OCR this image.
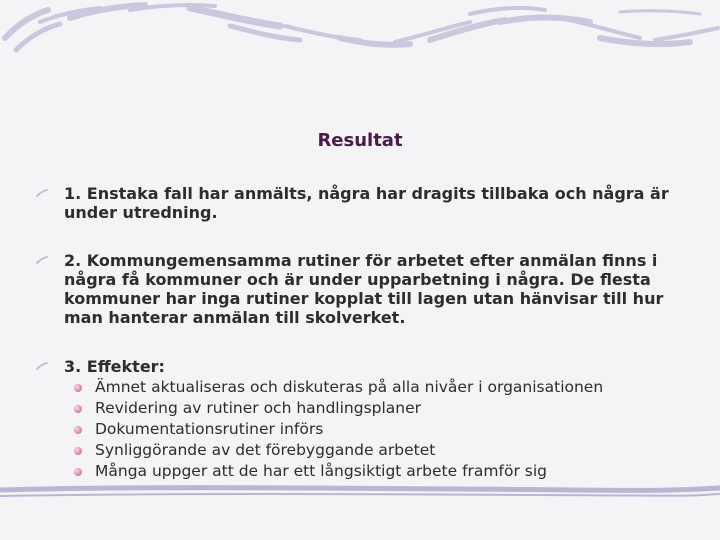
Resultat
1. Enstaka fall har anmälts, några har dragits tillbaka och några är under utredning.
2. Kommungemensamma rutiner för arbetet efter anmälan finns i några få kommuner och är under upparbetning i några. De flesta kommuner har inga rutiner kopplat till lagen utan hänvisar till hur man hanterar anmälan till skolverket.
3. Effekter:
Ämnet aktualiseras och diskuteras på alla nivåer i organisationen
Revidering av rutiner och handlingsplaner
Dokumentationsrutiner införs
Synliggörande av det förebyggande arbetet
Många uppger att de har ett långsiktigt arbete framför sig
